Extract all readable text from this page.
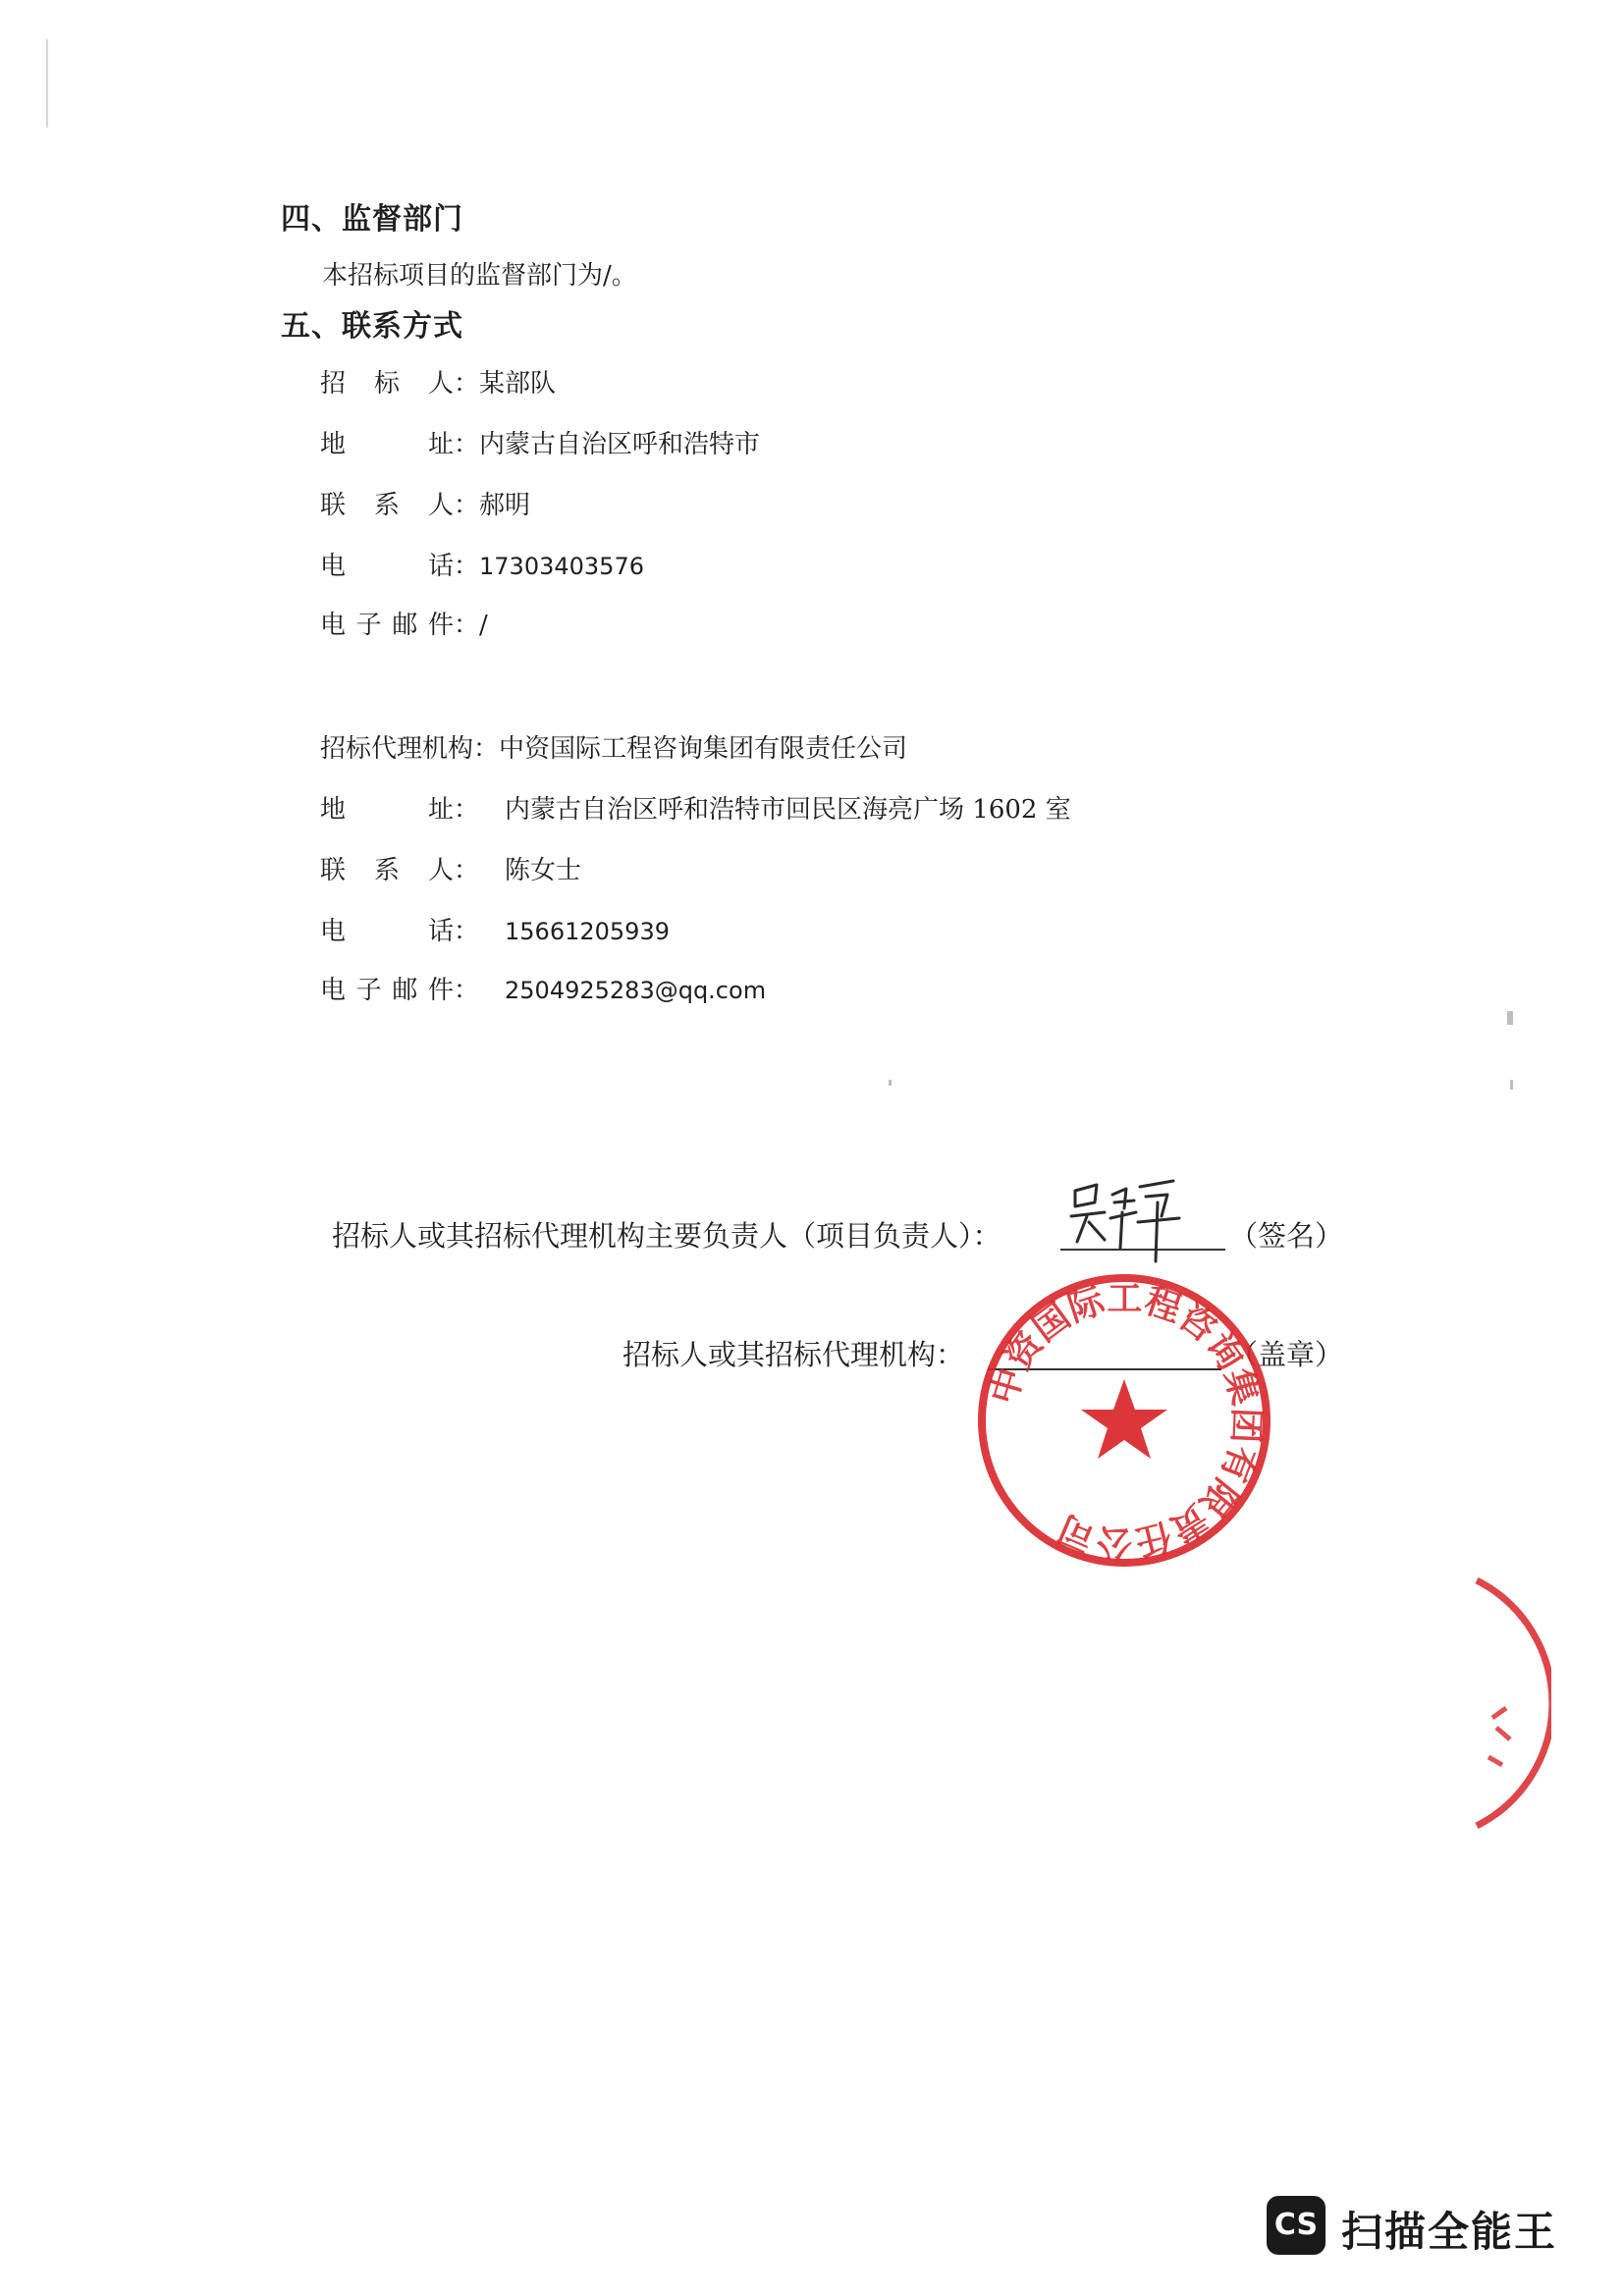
四、监督部门
本招标项目的监督部门为/。
五、联系方式
招标人：某部队
地址：内蒙古自治区呼和浩特市
联系人：郝明
电话：17303403576
电子邮件：/
招标代理机构：中资国际工程咨询集团有限责任公司
地址： 内蒙古自治区呼和浩特市回民区海亮广场 1602 室
联系人： 陈女士
电话： 15661205939
电子邮件： 2504925283@qq.com
招标人或其招标代理机构主要负责人（项目负责人）：	（签名）
招标人或其招标代理机构：	（盖章）
中资国际工程咨询集团有限责任公司
CS 扫描全能王
